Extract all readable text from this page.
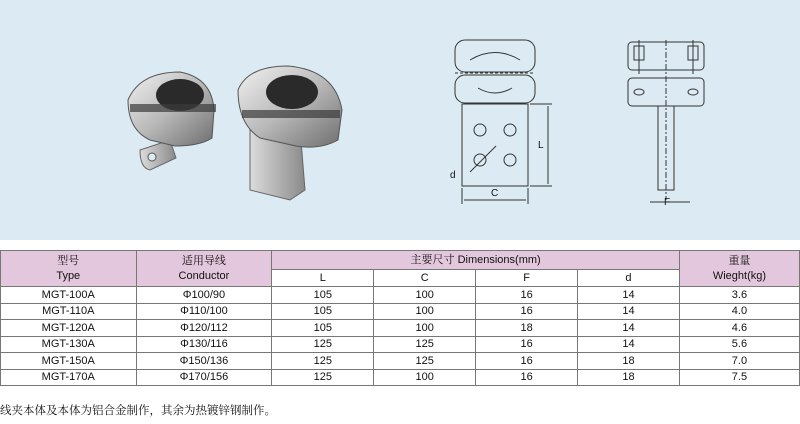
L
C
d
F
型号
Type	适用导线
Conductor	主要尺寸 Dimensions(mm)				重量
Wieght(kg)

		L	C	F	d	
MGT-100A	Φ100/90	105	100	16	14	3.6
MGT-110A	Φ110/100	105	100	16	14	4.0
MGT-120A	Φ120/112	105	100	18	14	4.6
MGT-130A	Φ130/116	125	125	16	14	5.6
MGT-150A	Φ150/136	125	125	16	18	7.0
MGT-170A	Φ170/156	125	100	16	18	7.5
线夹本体及本体为铝合金制作，其余为热镀锌钢制作。
